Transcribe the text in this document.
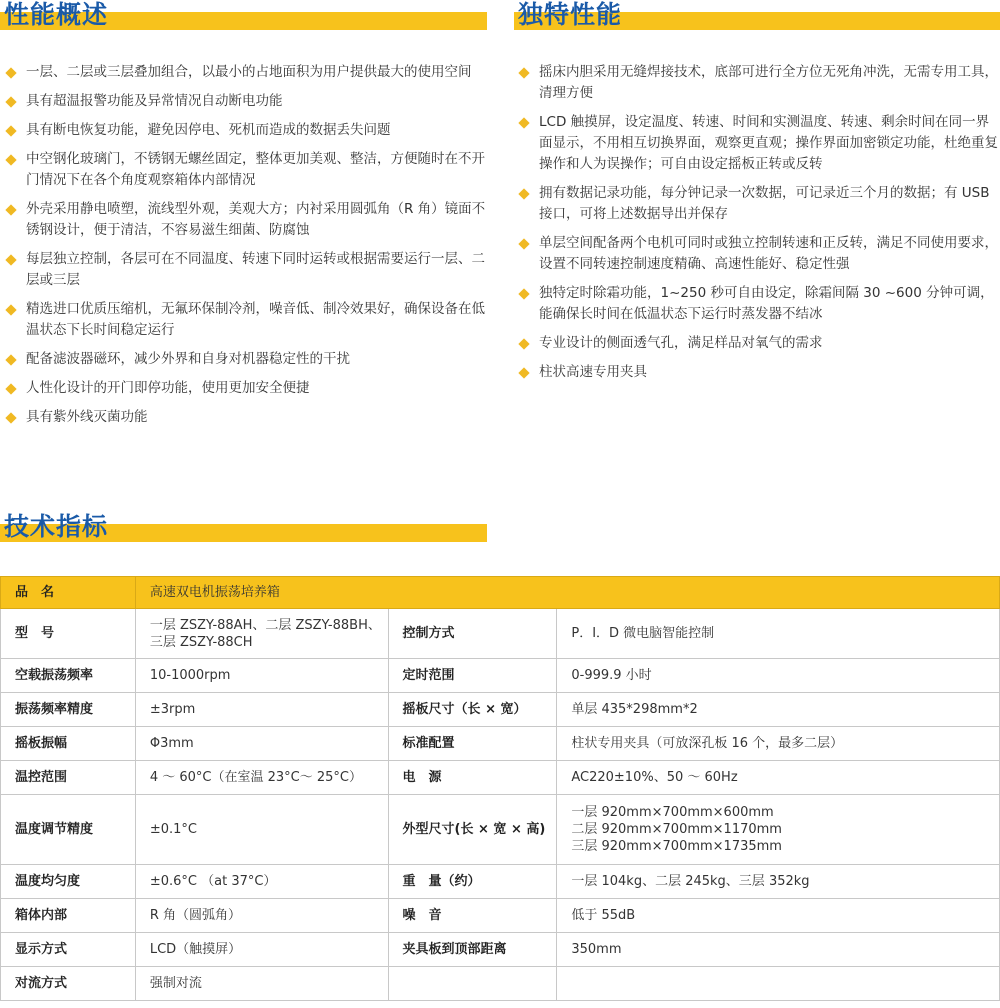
性能概述	独特性能
一层、二层或三层叠加组合，以最小的占地面积为用户提供最大的使用空间
具有超温报警功能及异常情况自动断电功能
具有断电恢复功能，避免因停电、死机而造成的数据丢失问题
中空钢化玻璃门，不锈钢无螺丝固定，整体更加美观、整洁，方便随时在不开门情况下在各个角度观察箱体内部情况
外壳采用静电喷塑，流线型外观，美观大方；内衬采用圆弧角（R 角）镜面不锈钢设计，便于清洁，不容易滋生细菌、防腐蚀
每层独立控制，各层可在不同温度、转速下同时运转或根据需要运行一层、二层或三层
精选进口优质压缩机，无氟环保制冷剂，噪音低、制冷效果好，确保设备在低温状态下长时间稳定运行
配备滤波器磁环，减少外界和自身对机器稳定性的干扰
人性化设计的开门即停功能，使用更加安全便捷
具有紫外线灭菌功能
摇床内胆采用无缝焊接技术，底部可进行全方位无死角冲洗，无需专用工具，清理方便
LCD 触摸屏，设定温度、转速、时间和实测温度、转速、剩余时间在同一界面显示，不用相互切换界面，观察更直观；操作界面加密锁定功能，杜绝重复操作和人为误操作；可自由设定摇板正转或反转
拥有数据记录功能，每分钟记录一次数据，可记录近三个月的数据；有 USB 接口，可将上述数据导出并保存
单层空间配备两个电机可同时或独立控制转速和正反转，满足不同使用要求，设置不同转速控制速度精确、高速性能好、稳定性强
独特定时除霜功能，1~250 秒可自由设定，除霜间隔 30 ~600 分钟可调，能确保长时间在低温状态下运行时蒸发器不结冰
专业设计的侧面透气孔，满足样品对氧气的需求
柱状高速专用夹具
技术指标
品　名	高速双电机振荡培养箱		
型　号	一层 ZSZY-88AH、二层 ZSZY-88BH、
三层 ZSZY-88CH	控制方式	P．I．D 微电脑智能控制
空载振荡频率	10-1000rpm	定时范围	0-999.9 小时
振荡频率精度	±3rpm	摇板尺寸（长 × 宽）	单层 435*298mm*2
摇板振幅	Φ3mm	标准配置	柱状专用夹具（可放深孔板 16 个，最多二层）
温控范围	4 ～ 60°C（在室温 23°C～ 25°C）	电　源	AC220±10%、50 ～ 60Hz
温度调节精度	±0.1°C	外型尺寸(长 × 宽 × 高)	一层 920mm×700mm×600mm
二层 920mm×700mm×1170mm
三层 920mm×700mm×1735mm

温度均匀度	±0.6°C （at 37°C）	重　量（约）	一层 104kg、二层 245kg、三层 352kg
箱体内部	R 角（圆弧角）	噪　音	低于 55dB
显示方式	LCD（触摸屏）	夹具板到顶部距离	350mm
对流方式	强制对流		
